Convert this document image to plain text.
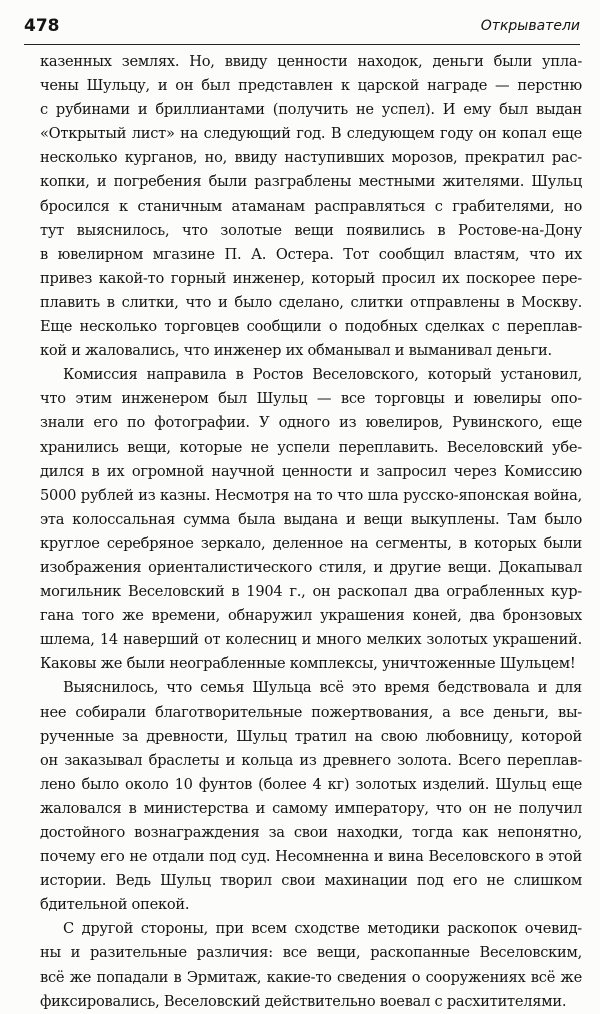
478	Открыватели
казенных землях. Но, ввиду ценности находок, деньги были упла-
чены Шульцу, и он был представлен к царской награде — перстню
с рубинами и бриллиантами (получить не успел). И ему был выдан
«Открытый лист» на следующий год. В следующем году он копал еще
несколько курганов, но, ввиду наступивших морозов, прекратил рас-
копки, и погребения были разграблены местными жителями. Шульц
бросился к станичным атаманам расправляться с грабителями, но
тут выяснилось, что золотые вещи появились в Ростове-на-Дону
в ювелирном мгазине П. А. Остера. Тот сообщил властям, что их
привез какой-то горный инженер, который просил их поскорее пере-
плавить в слитки, что и было сделано, слитки отправлены в Москву.
Еще несколько торговцев сообщили о подобных сделках с переплав-
кой и жаловались, что инженер их обманывал и выманивал деньги.
Комиссия направила в Ростов Веселовского, который установил,
что этим инженером был Шульц — все торговцы и ювелиры опо-
знали его по фотографии. У одного из ювелиров, Рувинского, еще
хранились вещи, которые не успели переплавить. Веселовский убе-
дился в их огромной научной ценности и запросил через Комиссию
5000 рублей из казны. Несмотря на то что шла русско-японская война,
эта колоссальная сумма была выдана и вещи выкуплены. Там было
круглое серебряное зеркало, деленное на сегменты, в которых были
изображения ориенталистического стиля, и другие вещи. Докапывал
могильник Веселовский в 1904 г., он раскопал два ограбленных кур-
гана того же времени, обнаружил украшения коней, два бронзовых
шлема, 14 наверший от колесниц и много мелких золотых украшений.
Каковы же были неограбленные комплексы, уничтоженные Шульцем!
Выяснилось, что семья Шульца всё это время бедствовала и для
нее собирали благотворительные пожертвования, а все деньги, вы-
рученные за древности, Шульц тратил на свою любовницу, которой
он заказывал браслеты и кольца из древнего золота. Всего переплав-
лено было около 10 фунтов (более 4 кг) золотых изделий. Шульц еще
жаловался в министерства и самому императору, что он не получил
достойного вознаграждения за свои находки, тогда как непонятно,
почему его не отдали под суд. Несомненна и вина Веселовского в этой
истории. Ведь Шульц творил свои махинации под его не слишком
бдительной опекой.
С другой стороны, при всем сходстве методики раскопок очевид-
ны и разительные различия: все вещи, раскопанные Веселовским,
всё же попадали в Эрмитаж, какие-то сведения о сооружениях всё же
фиксировались, Веселовский действительно воевал с расхитителями.
